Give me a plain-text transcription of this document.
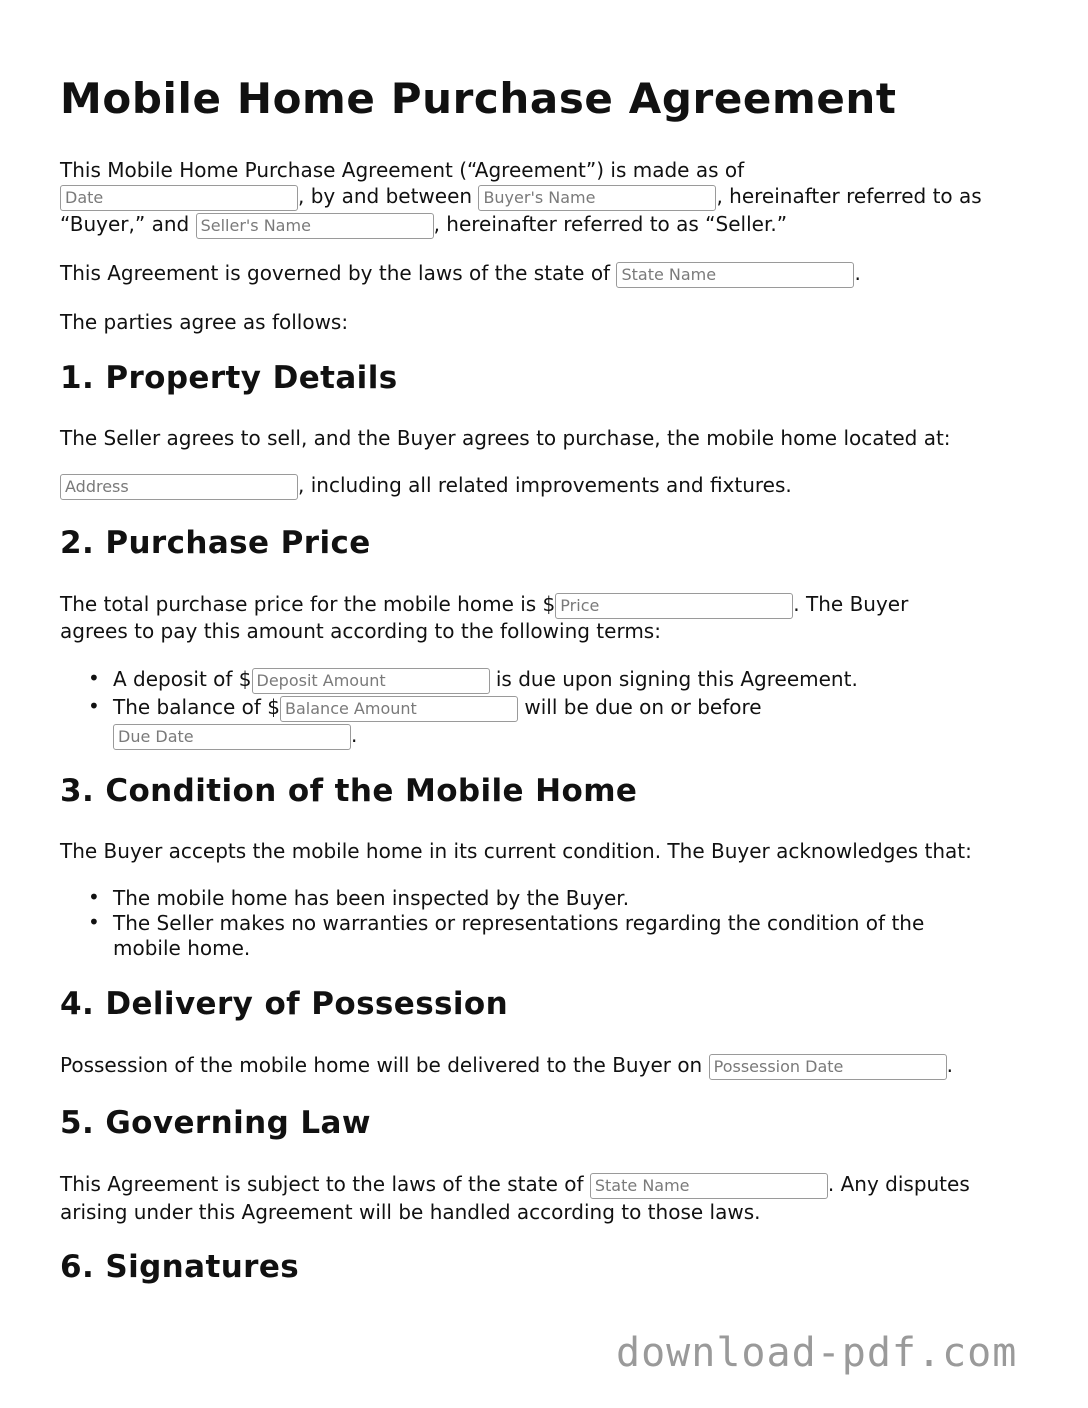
Mobile Home Purchase Agreement
This Mobile Home Purchase Agreement (“Agreement”) is made as of
Date, by and between Buyer's Name	, hereinafter referred to as
“Buyer,” and Seller's Name	, hereinafter referred to as “Seller.”
This Agreement is governed by the laws of the state of State Name	.
The parties agree as follows:
1. Property Details
The Seller agrees to sell, and the Buyer agrees to purchase, the mobile home located at:
Address, including all related improvements and fixtures.
2. Purchase Price
The total purchase price for the mobile home is $Price	. The Buyer
agrees to pay this amount according to the following terms:
• A deposit of $Deposit Amount	is due upon signing this Agreement.
• The balance of $Balance Amount	will be due on or before
Due Date.
3. Condition of the Mobile Home
The Buyer accepts the mobile home in its current condition. The Buyer acknowledges that:
• The mobile home has been inspected by the Buyer.
• The Seller makes no warranties or representations regarding the condition of the
mobile home.
4. Delivery of Possession
Possession of the mobile home will be delivered to the Buyer on Possession Date	.
5. Governing Law
This Agreement is subject to the laws of the state of State Name	. Any disputes
arising under this Agreement will be handled according to those laws.
6. Signatures
download-pdf.com
